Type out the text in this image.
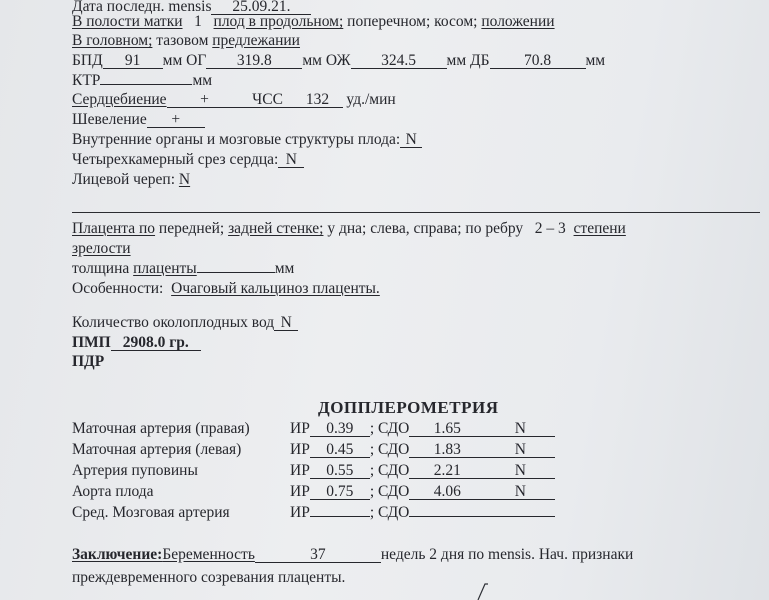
Дата последн. mensis 25.09.21.
В полости матки 1 плод в продольном; поперечном; косом; положении
В головном; тазовом предлежании
БПД 91 мм ОГ 319.8 мм ОЖ 324.5 мм ДБ 70.8 мм
КТР	мм
Сердцебиение +	ЧСС 132 уд./мин
Шевеление +
Внутренние органы и мозговые структуры плода: N
Четырехкамерный срез сердца: N
Лицевой череп: N
Плацента по передней; задней стенке; у дна; слева, справа; по ребру 2 – 3 степени
зрелости
толщина плаценты	мм
Особенности: Очаговый кальциноз плаценты.
Количество околоплодных вод N
ПМП 2908.0 гр.
ПДР
ДОППЛЕРОМЕТРИЯ
Маточная артерия (правая)	ИР 0.39 ; СДО 1.65	N
Маточная артерия (левая)	ИР 0.45 ; СДО 1.83	N
Артерия пуповины	ИР 0.55 ; СДО 2.21	N
Аорта плода	ИР 0.75 ; СДО 4.06	N
Сред. Мозговая артерия	ИР	; СДО
Заключение:Беременность	37	недель 2 дня по mensis. Нач. признаки
преждевременного созревания плаценты.
